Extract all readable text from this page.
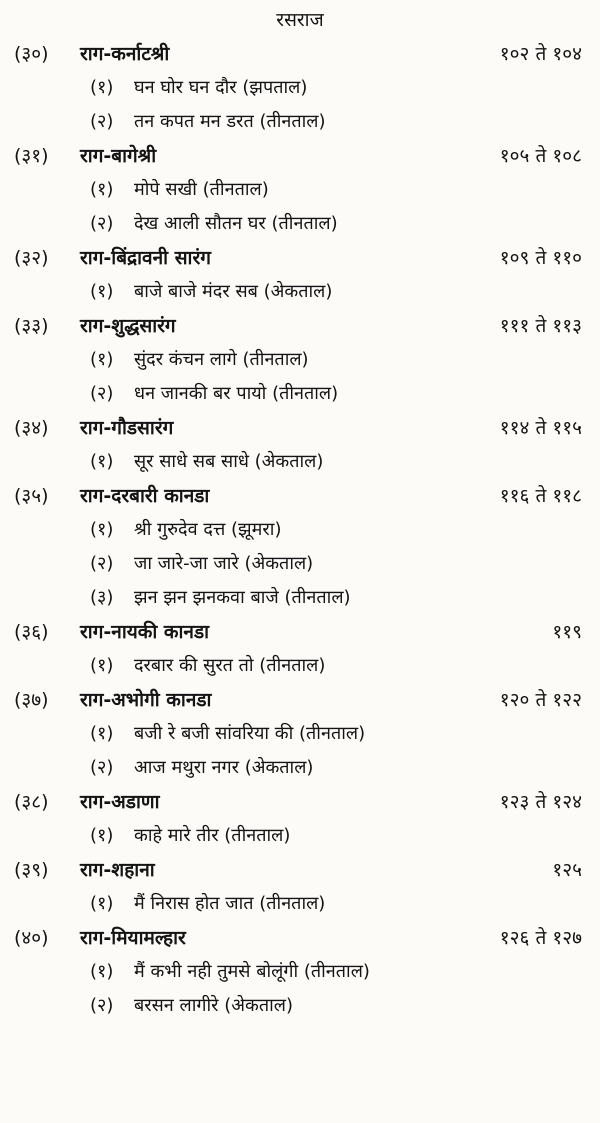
रसराज
(३०) राग-कर्नाटश्री	१०२ ते १०४
(१) घन घोर घन दौर (झपताल)
(२) तन कपत मन डरत (तीनताल)
(३१) राग-बागेश्री	१०५ ते १०८
(१) मोपे सखी (तीनताल)
(२) देख आली सौतन घर (तीनताल)
(३२) राग-बिंद्रावनी सारंग	१०९ ते ११०
(१) बाजे बाजे मंदर सब (अेकताल)
(३३) राग-शुद्धसारंग	१११ ते ११३
(१) सुंदर कंचन लागे (तीनताल)
(२) धन जानकी बर पायो (तीनताल)
(३४) राग-गौडसारंग	११४ ते ११५
(१) सूर साधे सब साधे (अेकताल)
(३५) राग-दरबारी कानडा	११६ ते ११८
(१) श्री गुरुदेव दत्त (झूमरा)
(२) जा जारे-जा जारे (अेकताल)
(३) झन झन झनकवा बाजे (तीनताल)
(३६) राग-नायकी कानडा	११९
(१) दरबार की सुरत तो (तीनताल)
(३७) राग-अभोगी कानडा	१२० ते १२२
(१) बजी रे बजी सांवरिया की (तीनताल)
(२) आज मथुरा नगर (अेकताल)
(३८) राग-अडाणा	१२३ ते १२४
(१) काहे मारे तीर (तीनताल)
(३९) राग-शहाना	१२५
(१) मैं निरास होत जात (तीनताल)
(४०) राग-मियामल्हार	१२६ ते १२७
(१) मैं कभी नही तुमसे बोलूंगी (तीनताल)
(२) बरसन लागीरे (अेकताल)
